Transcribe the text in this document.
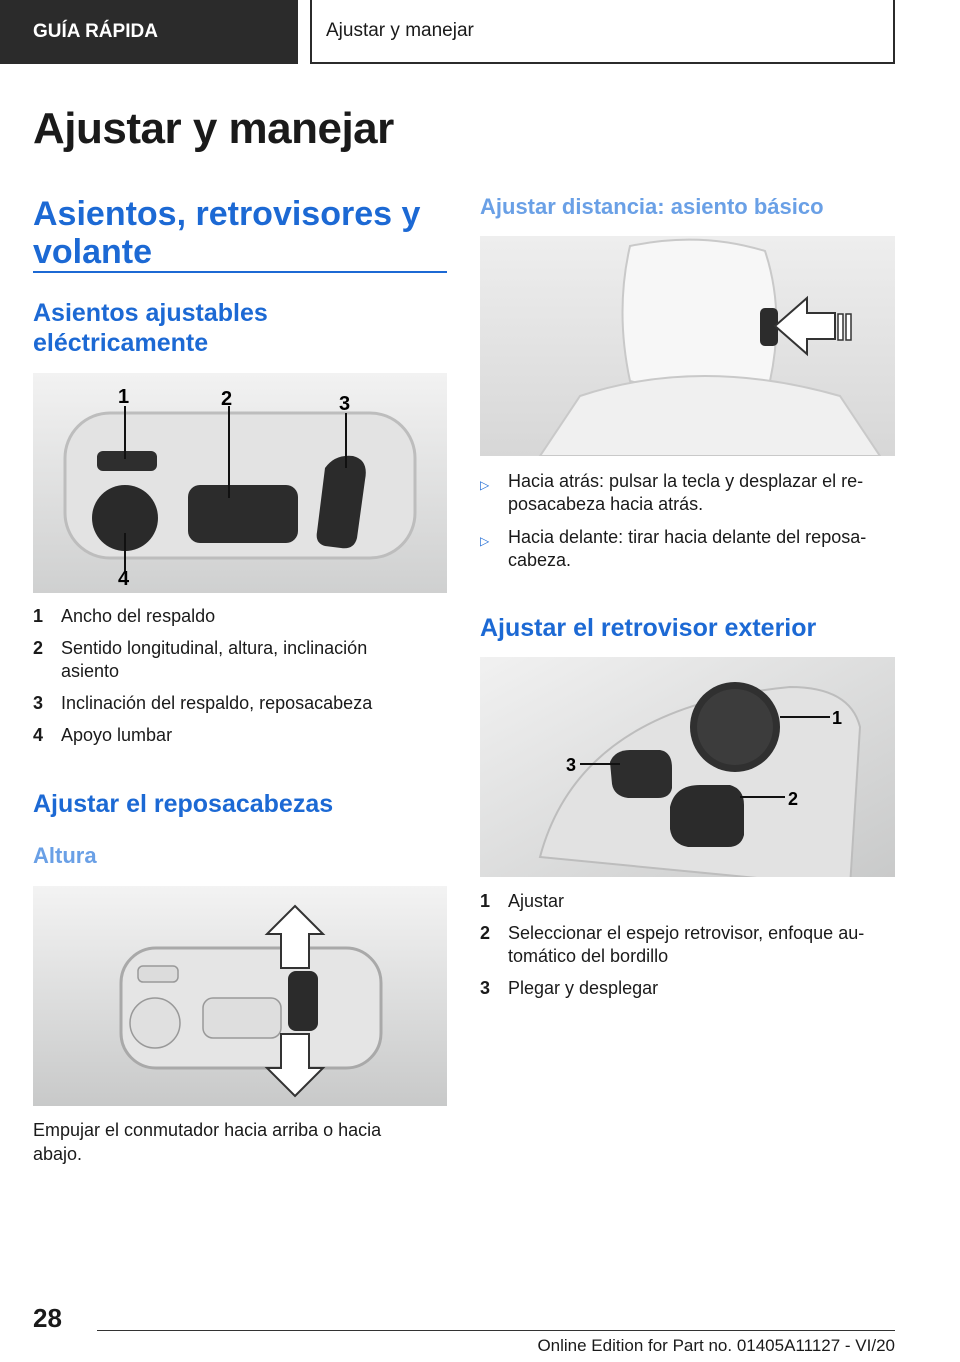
GUÍA RÁPIDA	Ajustar y manejar
Ajustar y manejar
Asientos, retrovisores y volante
Asientos ajustables eléctricamente
1	2	3
4
1 Ancho del respaldo
2 Sentido longitudinal, altura, inclinación asiento
3 Inclinación del respaldo, reposacabeza
4 Apoyo lumbar
Ajustar el reposacabezas
Altura
Empujar el conmutador hacia arriba o hacia abajo.
Ajustar distancia: asiento básico
▷	Hacia atrás: pulsar la tecla y desplazar el re‐ posacabeza hacia atrás.
▷	Hacia delante: tirar hacia delante del reposa‐ cabeza.
Ajustar el retrovisor exterior
1
2
3
1 Ajustar
2 Seleccionar el espejo retrovisor, enfoque au‐ tomático del bordillo
3 Plegar y desplegar
28
Online Edition for Part no. 01405A11127 - VI/20
